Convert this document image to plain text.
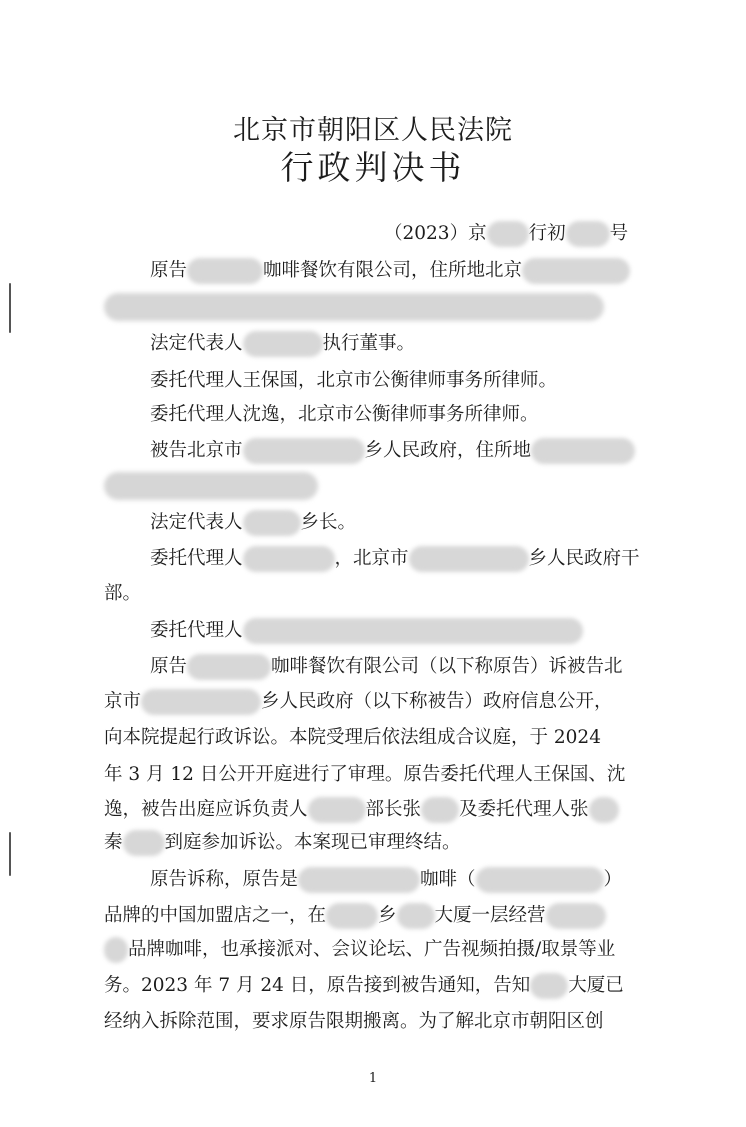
北京市朝阳区人民法院
行政判决书
（2023）京 行初 号
原告	咖啡餐饮有限公司，住所地北京
法定代表人	执行董事。
委托代理人王保国，北京市公衡律师事务所律师。
委托代理人沈逸，北京市公衡律师事务所律师。
被告北京市	乡人民政府，住所地
法定代表人	乡长。
委托代理人	，北京市	乡人民政府干
部。
委托代理人
原告	咖啡餐饮有限公司（以下称原告）诉被告北
京市	乡人民政府（以下称被告）政府信息公开，
向本院提起行政诉讼。本院受理后依法组成合议庭，于 2024
年 3 月 12 日公开开庭进行了审理。原告委托代理人王保国、沈
逸，被告出庭应诉负责人	部长张 及委托代理人张
秦 到庭参加诉讼。本案现已审理终结。
原告诉称，原告是	咖啡（	）
品牌的中国加盟店之一，在	乡 大厦一层经营
品牌咖啡，也承接派对、会议论坛、广告视频拍摄/取景等业
务。2023 年 7 月 24 日，原告接到被告通知，告知 大厦已
经纳入拆除范围，要求原告限期搬离。为了解北京市朝阳区创
1
